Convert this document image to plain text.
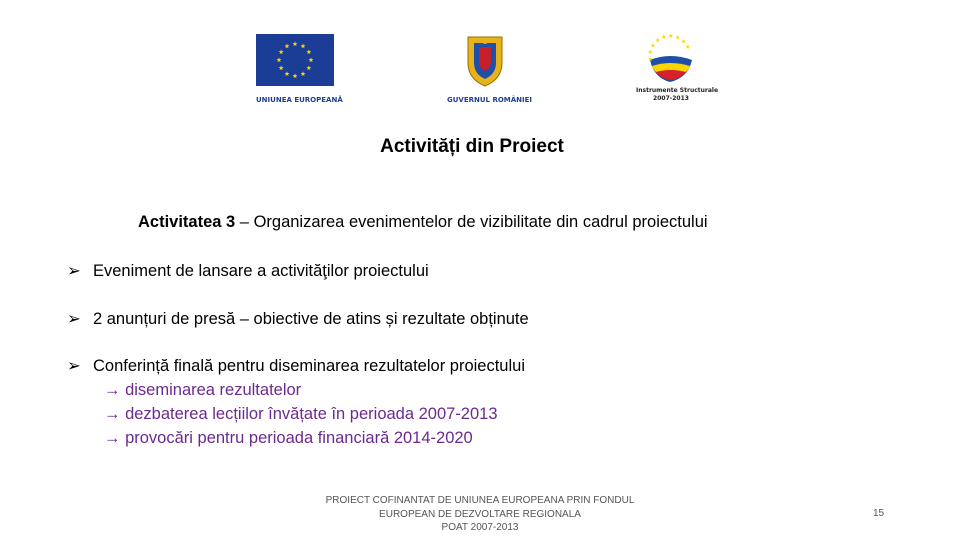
UNIUNEA EUROPEANĂ	GUVERNUL ROMÂNIEI
Instrumente Structurale
2007-2013
Activități din Proiect
Activitatea 3 – Organizarea evenimentelor de vizibilitate din cadrul proiectului
➢ Eveniment de lansare a activităţilor proiectului
➢ 2 anunțuri de presă – obiective de atins și rezultate obținute
➢ Conferință finală pentru diseminarea rezultatelor proiectului
→ diseminarea rezultatelor
→ dezbaterea lecțiilor învățate în perioada 2007-2013
→ provocări pentru perioada financiară 2014-2020
PROIECT COFINANTAT DE UNIUNEA EUROPEANA PRIN FONDUL
EUROPEAN DE DEZVOLTARE REGIONALA
POAT 2007-2013
15
